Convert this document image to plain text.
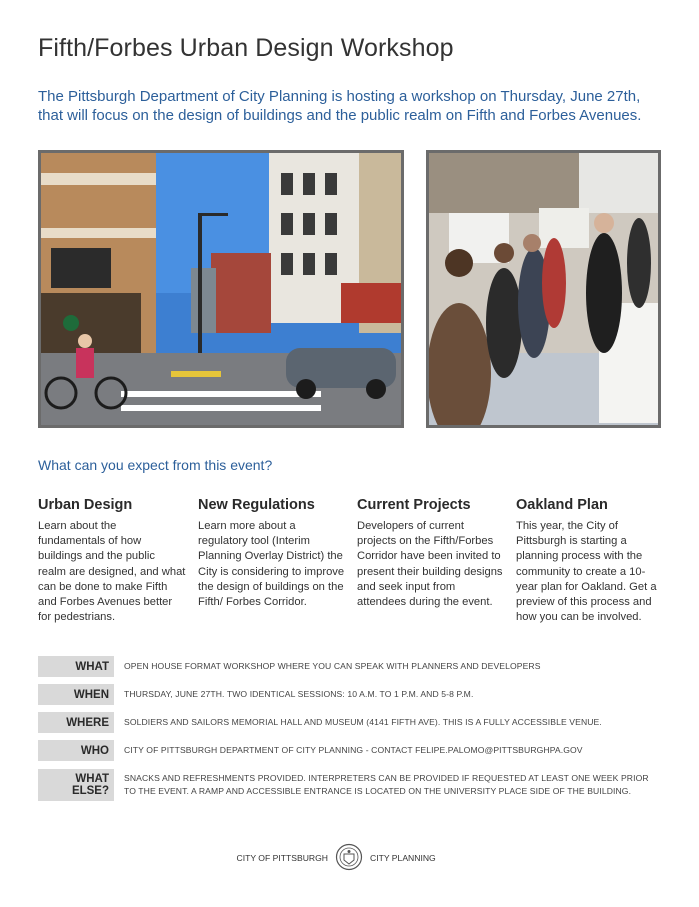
Fifth/Forbes Urban Design Workshop
The Pittsburgh Department of City Planning is hosting a workshop on Thursday, June 27th, that will focus on the design of buildings and the public realm on Fifth and Forbes Avenues.
What can you expect from this event?
Urban Design

Learn about the fundamentals of how buildings and the public realm are designed, and what can be done to make Fifth and Forbes Avenues better for pedestrians.

New Regulations

Learn more about a regulatory tool (Interim Planning Overlay District) the City is considering to improve the design of buildings on the Fifth/ Forbes Corridor.

Current Projects

Developers of current projects on the Fifth/Forbes Corridor have been invited to present their building designs and seek input from attendees during the event.

Oakland Plan

This year, the City of Pittsburgh is starting a planning process with the community to create a 10-year plan for Oakland. Get a preview of this process and how you can be involved.

WHAT	OPEN HOUSE FORMAT WORKSHOP WHERE YOU CAN SPEAK WITH PLANNERS AND DEVELOPERS
WHEN	THURSDAY, JUNE 27TH. TWO IDENTICAL SESSIONS: 10 A.M. TO 1 P.M. AND 5-8 P.M.
WHERE	SOLDIERS AND SAILORS MEMORIAL HALL AND MUSEUM (4141 FIFTH AVE). THIS IS A FULLY ACCESSIBLE VENUE.
WHO	CITY OF PITTSBURGH DEPARTMENT OF CITY PLANNING - CONTACT FELIPE.PALOMO@PITTSBURGHPA.GOV
WHAT ELSE?
SNACKS AND REFRESHMENTS PROVIDED. INTERPRETERS CAN BE PROVIDED IF REQUESTED AT LEAST ONE WEEK PRIOR TO THE EVENT. A RAMP AND ACCESSIBLE ENTRANCE IS LOCATED ON THE UNIVERSITY PLACE SIDE OF THE BUILDING.
CITY OF PITTSBURGH	CITY PLANNING
